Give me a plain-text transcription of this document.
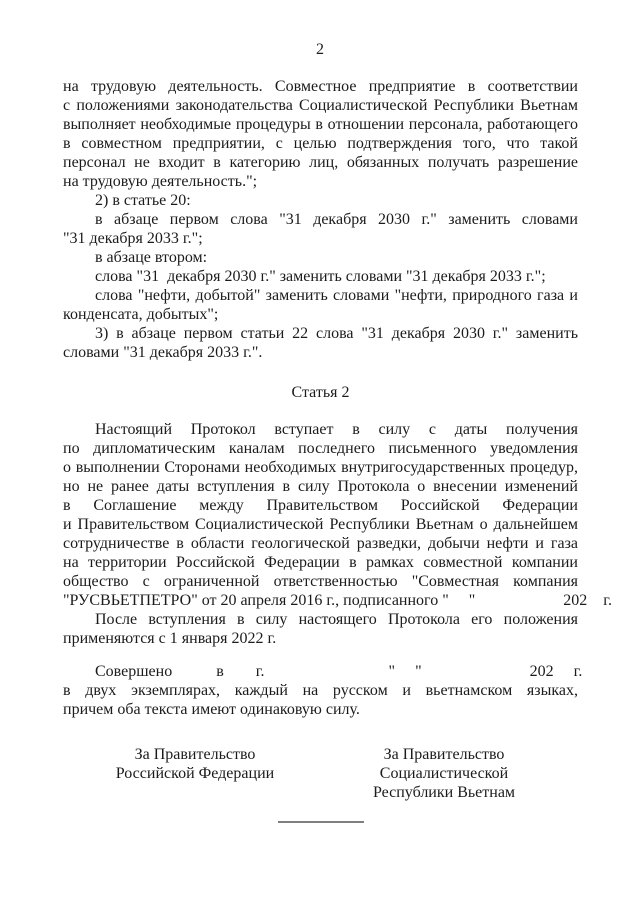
2
на трудовую деятельность. Совместное предприятие в соответствии
с положениями законодательства Социалистической Республики Вьетнам
выполняет необходимые процедуры в отношении персонала, работающего
в совместном предприятии, с целью подтверждения того, что такой
персонал не входит в категорию лиц, обязанных получать разрешение
на трудовую деятельность.";
2) в статье 20:
в абзаце первом слова "31 декабря 2030 г." заменить словами
"31 декабря 2033 г.";
в абзаце втором:
слова "31  декабря 2030 г." заменить словами "31 декабря 2033 г.";
слова "нефти, добытой" заменить словами "нефти, природного газа и
конденсата, добытых";
3) в абзаце первом статьи 22 слова "31 декабря 2030 г." заменить
словами "31 декабря 2033 г.".
Статья 2
Настоящий Протокол вступает в силу с даты получения
по дипломатическим каналам последнего письменного уведомления
о выполнении Сторонами необходимых внутригосударственных процедур,
но не ранее даты вступления в силу Протокола о внесении изменений
в Соглашение между Правительством Российской Федерации
и Правительством Социалистической Республики Вьетнам о дальнейшем
сотрудничестве в области геологической разведки, добычи нефти и газа
на территории Российской Федерации в рамках совместной компании
общество с ограниченной ответственностью "Совместная компания
"РУСВЬЕТПЕТРО" от 20 апреля 2016 г., подписанного "     "                      202    г.
После вступления в силу настоящего Протокола его положения
применяются с 1 января 2022 г.
Совершено           в        г.                               "     "                           202     г.
в двух экземплярах, каждый на русском и вьетнамском языках,
причем оба текста имеют одинаковую силу.
За Правительство
Российской Федерации
За Правительство
Социалистической
Республики Вьетнам
